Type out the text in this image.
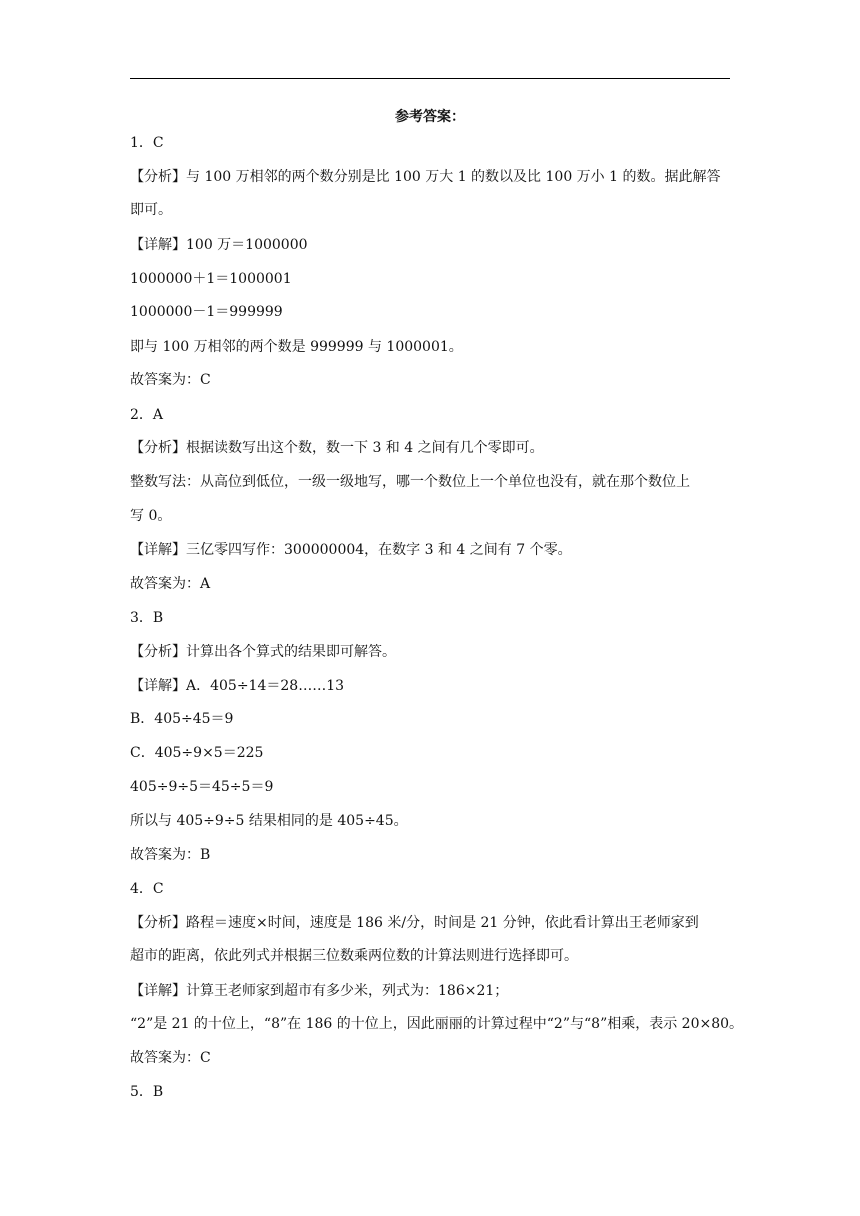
参考答案：
1．C
【分析】与 100 万相邻的两个数分别是比 100 万大 1 的数以及比 100 万小 1 的数。据此解答
即可。
【详解】100 万＝1000000
1000000＋1＝1000001
1000000－1＝999999
即与 100 万相邻的两个数是 999999 与 1000001。
故答案为：C
2．A
【分析】根据读数写出这个数，数一下 3 和 4 之间有几个零即可。
整数写法：从高位到低位，一级一级地写，哪一个数位上一个单位也没有，就在那个数位上
写 0。
【详解】三亿零四写作：300000004，在数字 3 和 4 之间有 7 个零。
故答案为：A
3．B
【分析】计算出各个算式的结果即可解答。
【详解】A．405÷14＝28……13
B．405÷45＝9
C．405÷9×5＝225
405÷9÷5＝45÷5＝9
所以与 405÷9÷5 结果相同的是 405÷45。
故答案为：B
4．C
【分析】路程＝速度×时间，速度是 186 米/分，时间是 21 分钟，依此看计算出王老师家到
超市的距离，依此列式并根据三位数乘两位数的计算法则进行选择即可。
【详解】计算王老师家到超市有多少米，列式为：186×21；
“2”是 21 的十位上，“8”在 186 的十位上，因此丽丽的计算过程中“2”与“8”相乘，表示 20×80。
故答案为：C
5．B
